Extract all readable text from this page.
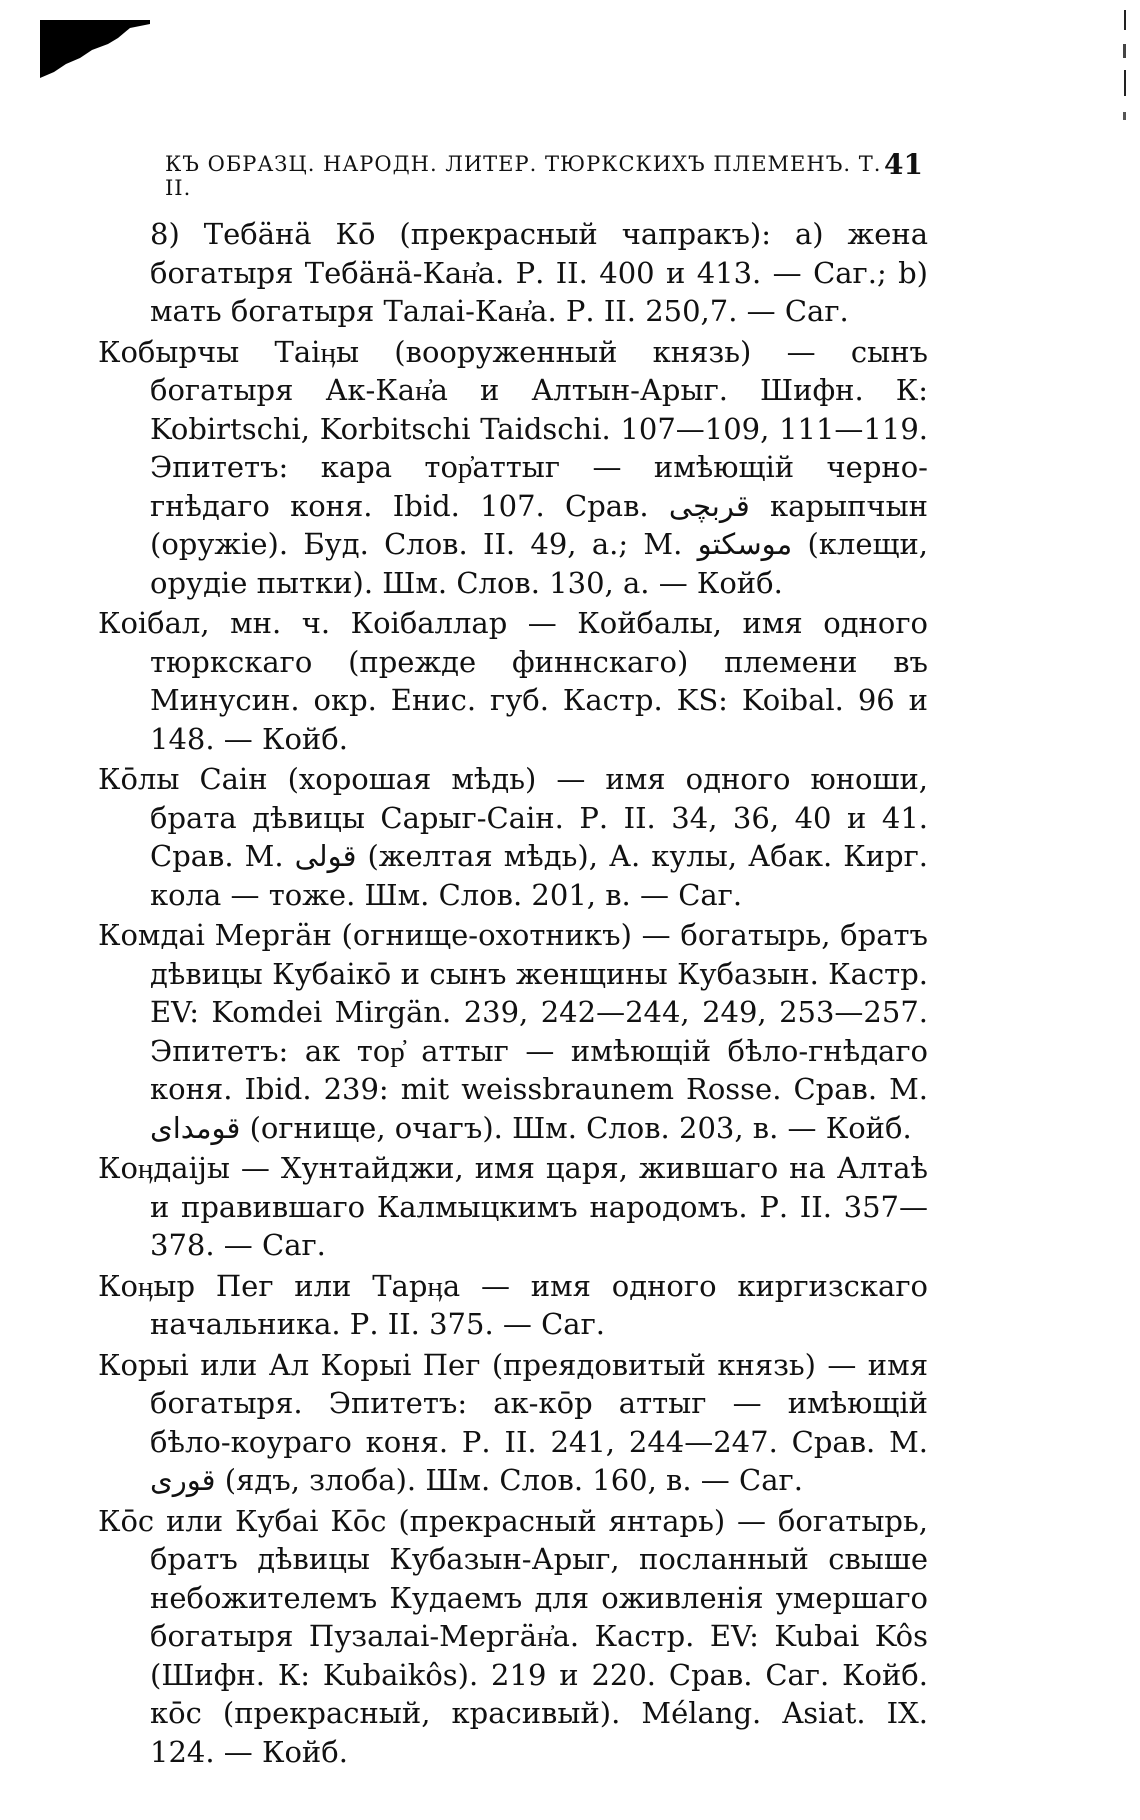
КЪ ОБРАЗЦ. НАРОДН. ЛИТЕР. ТЮРКСКИХЪ ПЛЕМЕНЪ. Т. II.
41

8) Тебäнä Кō (прекрасный чапракъ): а) жена богатыря Тебäнä-Кан҆а. Р. II. 400 и 413. — Саг.; b) мать богатыря Талаі-Кан҆а. Р. II. 250,7. — Саг.

Кобырчы Таіӊы (вооруженный князь) — сынъ богатыря Ак-Кан҆а и Алтын-Арыг. Шифн. К: Kobirtschi, Korbitschi Taidschi. 107—109, 111—119. Эпитетъ: кара тор҆аттыг — имѣющій черно-гнѣдаго коня. Ibid. 107. Срав. قربچى карыпчын (оружіе). Буд. Слов. II. 49, а.; М. موسکتو (клещи, орудіе пытки). Шм. Слов. 130, а. — Койб.

Коібал, мн. ч. Коібаллар — Койбалы, имя одного тюркскаго (прежде финнскаго) племени въ Минусин. окр. Енис. губ. Кастр. KS: Koibal. 96 и 148. — Койб.

Кōлы Саін (хорошая мѣдь) — имя одного юноши, брата дѣвицы Сарыг-Саін. Р. II. 34, 36, 40 и 41. Срав. М. قولی (желтая мѣдь), А. кулы, Абак. Кирг. кола — тоже. Шм. Слов. 201, в. — Саг.

Комдаі Мергäн (огнище-охотникъ) — богатырь, братъ дѣвицы Кубаікō и сынъ женщины Кубазын. Кастр. EV: Komdei Mirgän. 239, 242—244, 249, 253—257. Эпитетъ: ак тор҆ аттыг — имѣющій бѣло-гнѣдаго коня. Ibid. 239: mit weissbraunem Rosse. Срав. М. قومدای (огнище, очагъ). Шм. Слов. 203, в. — Койб.

Коӊдаіјы — Хунтайджи, имя царя, жившаго на Алтаѣ и правившаго Калмыцкимъ народомъ. Р. II. 357—378. — Саг.

Коӊыр Пег или Тарӊа — имя одного киргизскаго начальника. Р. II. 375. — Саг.

Корыі или Ал Корыі Пег (преядовитый князь) — имя богатыря. Эпитетъ: ак-кōр аттыг — имѣющій бѣло-коураго коня. Р. II. 241, 244—247. Срав. М. قوری (ядъ, злоба). Шм. Слов. 160, в. — Саг.

Кōс или Кубаі Кōс (прекрасный янтарь) — богатырь, братъ дѣвицы Кубазын-Арыг, посланный свыше небожителемъ Кудаемъ для оживленія умершаго богатыря Пузалаі-Мергäн҆а. Кастр. EV: Kubai Kôs (Шифн. К: Kubaikôs). 219 и 220. Срав. Саг. Койб. кōс (прекрасный, красивый). Mélang. Asiat. IX. 124. — Койб.
